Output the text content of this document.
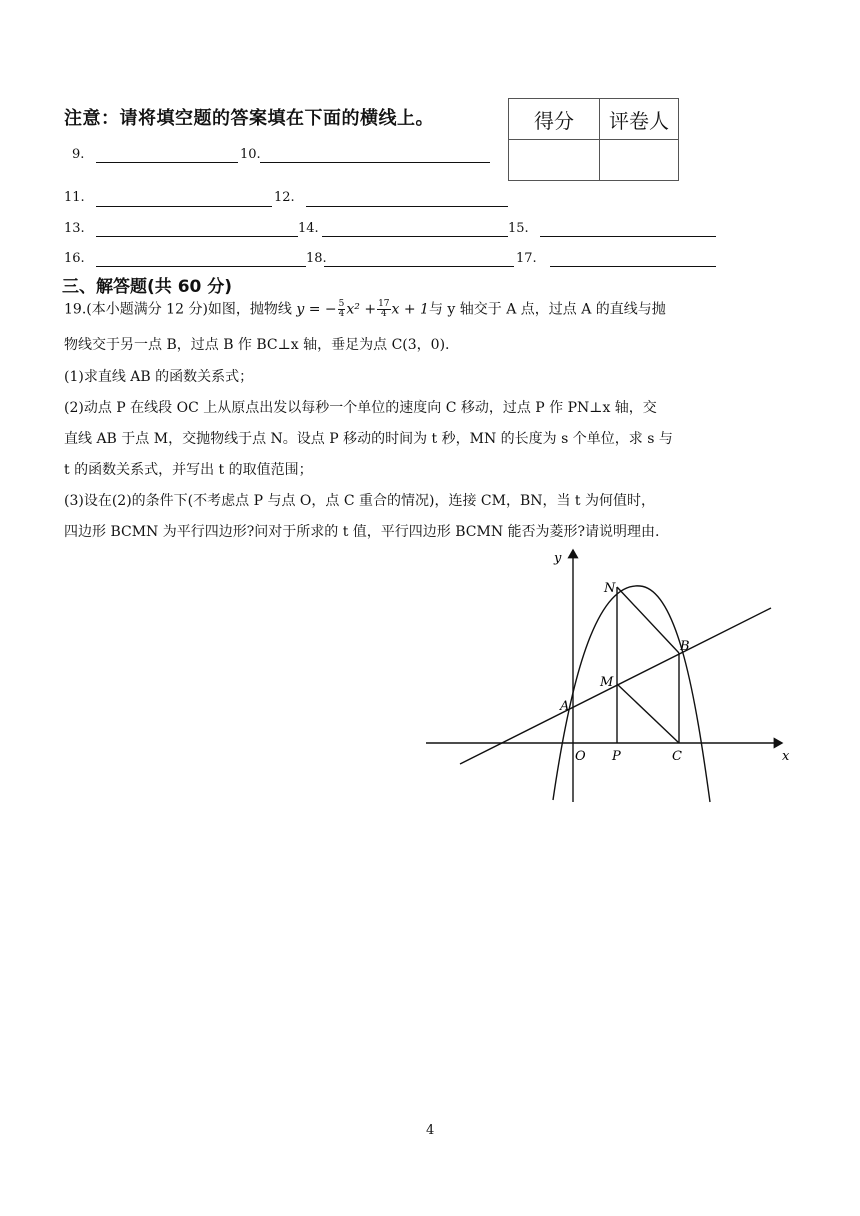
注意：请将填空题的答案填在下面的横线上。	得分	评卷人

9.	10.
11.	12.
13.	14.	15.
16.	18.	17.
三、解答题(共 60 分)
19.(本小题满分 12 分)如图，抛物线 y = − $\frac{5}{4} x^2 + \frac{17}{4}$ x + 1与 y 轴交于 A 点，过点 A 的直线与抛
物线交于另一点 B，过点 B 作 BC⊥x 轴，垂足为点 C(3，0).
(1)求直线 AB 的函数关系式；
(2)动点 P 在线段 OC 上从原点出发以每秒一个单位的速度向 C 移动，过点 P 作 PN⊥x 轴，交
直线 AB 于点 M，交抛物线于点 N。设点 P 移动的时间为 t 秒，MN 的长度为 s 个单位，求 s 与
t 的函数关系式，并写出 t 的取值范围；
(3)设在(2)的条件下(不考虑点 P 与点 O，点 C 重合的情况)，连接 CM，BN，当 t 为何值时，
四边形 BCMN 为平行四边形?问对于所求的 t 值，平行四边形 BCMN 能否为菱形?请说明理由.
y
x
O
A
P	C
M
N
B
4
